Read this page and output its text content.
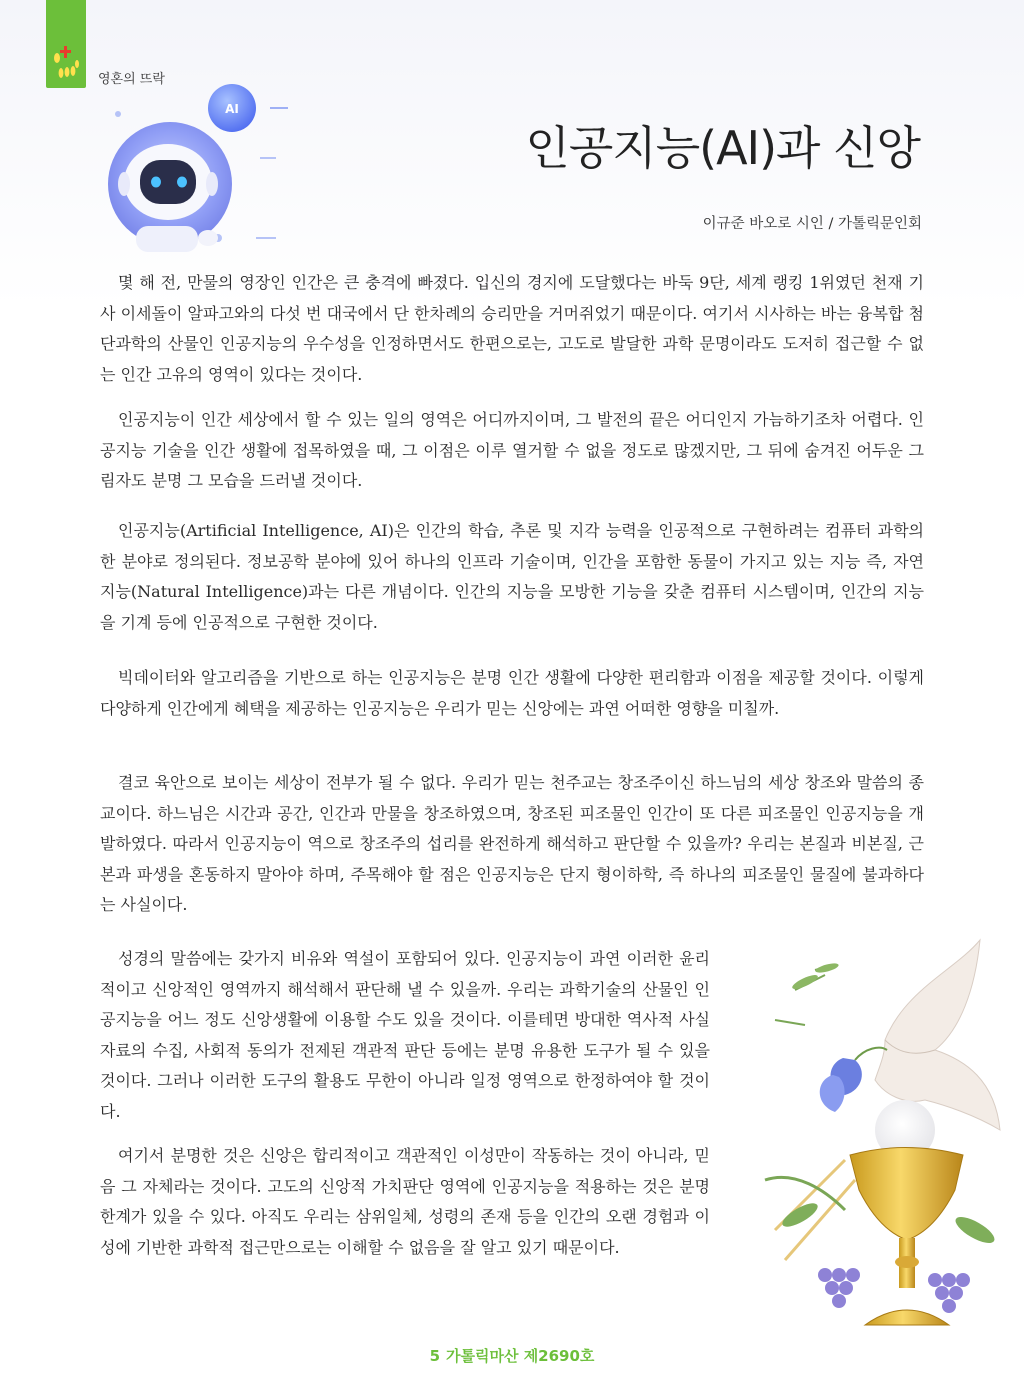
영혼의 뜨락
AI
인공지능(AI)과 신앙
이규준 바오로 시인 / 가톨릭문인회

몇 해 전, 만물의 영장인 인간은 큰 충격에 빠졌다. 입신의 경지에 도달했다는 바둑 9단, 세계 랭킹 1위였던 천재 기사 이세돌이 알파고와의 다섯 번 대국에서 단 한차례의 승리만을 거머쥐었기 때문이다. 여기서 시사하는 바는 융복합 첨단과학의 산물인 인공지능의 우수성을 인정하면서도 한편으로는, 고도로 발달한 과학 문명이라도 도저히 접근할 수 없는 인간 고유의 영역이 있다는 것이다.

인공지능이 인간 세상에서 할 수 있는 일의 영역은 어디까지이며, 그 발전의 끝은 어디인지 가늠하기조차 어렵다. 인공지능 기술을 인간 생활에 접목하였을 때, 그 이점은 이루 열거할 수 없을 정도로 많겠지만, 그 뒤에 숨겨진 어두운 그림자도 분명 그 모습을 드러낼 것이다.

인공지능(Artificial Intelligence, AI)은 인간의 학습, 추론 및 지각 능력을 인공적으로 구현하려는 컴퓨터 과학의 한 분야로 정의된다. 정보공학 분야에 있어 하나의 인프라 기술이며, 인간을 포함한 동물이 가지고 있는 지능 즉, 자연 지능(Natural Intelligence)과는 다른 개념이다. 인간의 지능을 모방한 기능을 갖춘 컴퓨터 시스템이며, 인간의 지능을 기계 등에 인공적으로 구현한 것이다.

빅데이터와 알고리즘을 기반으로 하는 인공지능은 분명 인간 생활에 다양한 편리함과 이점을 제공할 것이다. 이렇게 다양하게 인간에게 혜택을 제공하는 인공지능은 우리가 믿는 신앙에는 과연 어떠한 영향을 미칠까.

결코 육안으로 보이는 세상이 전부가 될 수 없다. 우리가 믿는 천주교는 창조주이신 하느님의 세상 창조와 말씀의 종교이다. 하느님은 시간과 공간, 인간과 만물을 창조하였으며, 창조된 피조물인 인간이 또 다른 피조물인 인공지능을 개발하였다. 따라서 인공지능이 역으로 창조주의 섭리를 완전하게 해석하고 판단할 수 있을까? 우리는 본질과 비본질, 근본과 파생을 혼동하지 말아야 하며, 주목해야 할 점은 인공지능은 단지 형이하학, 즉 하나의 피조물인 물질에 불과하다는 사실이다.

성경의 말씀에는 갖가지 비유와 역설이 포함되어 있다. 인공지능이 과연 이러한 윤리적이고 신앙적인 영역까지 해석해서 판단해 낼 수 있을까. 우리는 과학기술의 산물인 인공지능을 어느 정도 신앙생활에 이용할 수도 있을 것이다. 이를테면 방대한 역사적 사실 자료의 수집, 사회적 동의가 전제된 객관적 판단 등에는 분명 유용한 도구가 될 수 있을 것이다. 그러나 이러한 도구의 활용도 무한이 아니라 일정 영역으로 한정하여야 할 것이다.

여기서 분명한 것은 신앙은 합리적이고 객관적인 이성만이 작동하는 것이 아니라, 믿음 그 자체라는 것이다. 고도의 신앙적 가치판단 영역에 인공지능을 적용하는 것은 분명 한계가 있을 수 있다. 아직도 우리는 삼위일체, 성령의 존재 등을 인간의 오랜 경험과 이성에 기반한 과학적 접근만으로는 이해할 수 없음을 잘 알고 있기 때문이다.

5 가톨릭마산 제2690호
